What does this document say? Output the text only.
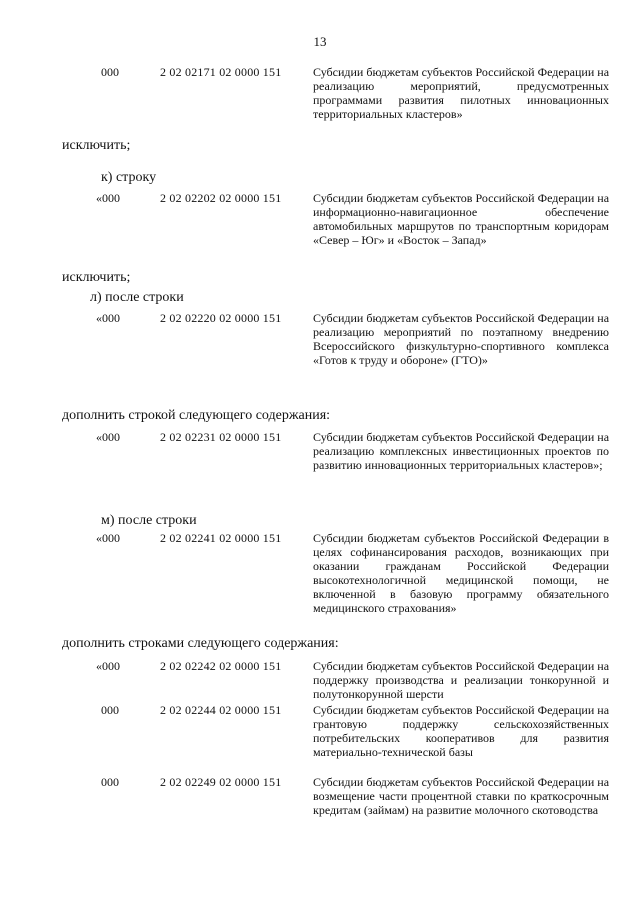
13
000	2 02 02171 02 0000 151	Субсидии бюджетам субъектов Российской Федерации на реализацию мероприятий, предусмотренных программами развития пилотных инновационных территориальных кластеров»
исключить;
к) строку
«000	2 02 02202 02 0000 151	Субсидии бюджетам субъектов Российской Федерации на информационно-навигационное обеспечение автомобильных маршрутов по транспортным коридорам «Север – Юг» и «Восток – Запад»
исключить;
л) после строки
«000	2 02 02220 02 0000 151	Субсидии бюджетам субъектов Российской Федерации на реализацию мероприятий по поэтапному внедрению Всероссийского физкультурно-спортивного комплекса «Готов к труду и обороне» (ГТО)»
дополнить строкой следующего содержания:
«000	2 02 02231 02 0000 151	Субсидии бюджетам субъектов Российской Федерации на реализацию комплексных инвестиционных проектов по развитию инновационных территориальных кластеров»;
м) после строки
«000	2 02 02241 02 0000 151	Субсидии бюджетам субъектов Российской Федерации в целях софинансирования расходов, возникающих при оказании гражданам Российской Федерации высокотехнологичной медицинской помощи, не включенной в базовую программу обязательного медицинского страхования»
дополнить строками следующего содержания:
«000	2 02 02242 02 0000 151	Субсидии бюджетам субъектов Российской Федерации на поддержку производства и реализации тонкорунной и полутонкорунной шерсти
000	2 02 02244 02 0000 151	Субсидии бюджетам субъектов Российской Федерации на грантовую поддержку сельскохозяйственных потребительских кооперативов для развития материально-технической базы
000	2 02 02249 02 0000 151	Субсидии бюджетам субъектов Российской Федерации на возмещение части процентной ставки по краткосрочным кредитам (займам) на развитие молочного скотоводства
